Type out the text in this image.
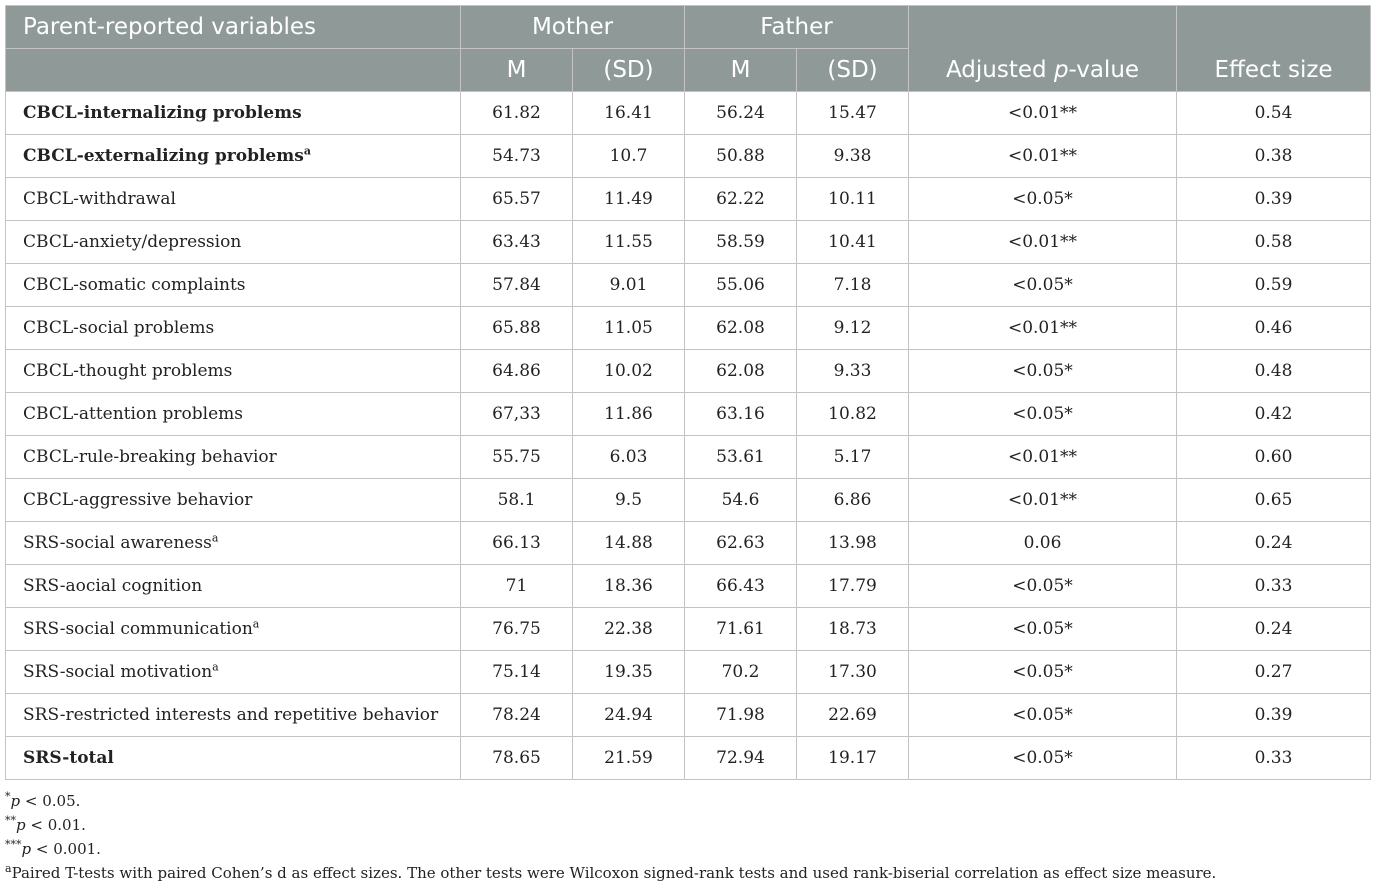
Parent-reported variables	Mother		Father		Adjusted p-value	Effect size
	M	(SD)	M	(SD)		
CBCL-internalizing problems	61.82	16.41	56.24	15.47	<0.01**	0.54
CBCL-externalizing problems$^a$	54.73	10.7	50.88	9.38	<0.01**	0.38
CBCL-withdrawal	65.57	11.49	62.22	10.11	<0.05*	0.39
CBCL-anxiety/depression	63.43	11.55	58.59	10.41	<0.01**	0.58
CBCL-somatic complaints	57.84	9.01	55.06	7.18	<0.05*	0.59
CBCL-social problems	65.88	11.05	62.08	9.12	<0.01**	0.46
CBCL-thought problems	64.86	10.02	62.08	9.33	<0.05*	0.48
CBCL-attention problems	67,33	11.86	63.16	10.82	<0.05*	0.42
CBCL-rule-breaking behavior	55.75	6.03	53.61	5.17	<0.01**	0.60
CBCL-aggressive behavior	58.1	9.5	54.6	6.86	<0.01**	0.65
SRS-social awareness$^a$	66.13	14.88	62.63	13.98	0.06	0.24
SRS-aocial cognition	71	18.36	66.43	17.79	<0.05*	0.33
SRS-social communication$^a$	76.75	22.38	71.61	18.73	<0.05*	0.24
SRS-social motivation$^a$	75.14	19.35	70.2	17.30	<0.05*	0.27
SRS-restricted interests and repetitive behavior	78.24	24.94	71.98	22.69	<0.05*	0.39
SRS-total	78.65	21.59	72.94	19.17	<0.05*	0.33
*p < 0.05.
**p < 0.01.
***p < 0.001.
$^a$Paired T-tests with paired Cohen’s d as effect sizes. The other tests were Wilcoxon signed-rank tests and used rank-biserial correlation as effect size measure.
